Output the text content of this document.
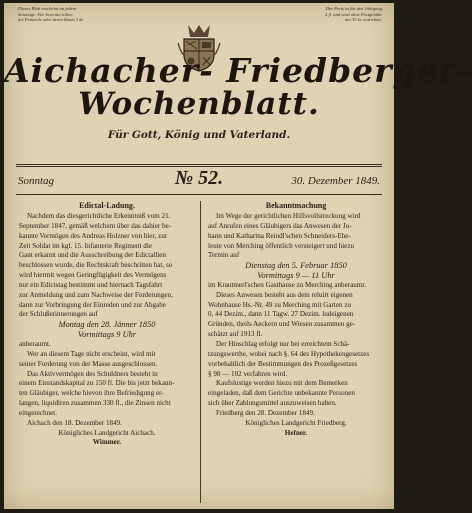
Dieses Blatt erscheint an jedem
Sonntage. Für Inserate sollen
die Petitzeile oder deren Raum 3 kr.
Der Preis ist für den Jahrgang
2 fl. und wird ohne Postgebühr
mit 30 kr. entrichtet.
Aichacher- Friedberger-
Wochenblatt.
Für Gott, König und Vaterland.
Sonntag	№ 52.	30. Dezember 1849.
Edictal-Ladung.
Nachdem das diesgerichtliche Erkenntniß vom 21.
September 1847, gemäß welchem über das dahier be-
kannte Vermögen des Andreas Holzner von hier, zur
Zeit Soldat im kgl. 15. Infanterie Regiment die
Gant erkannt und die Ausschreibung der Edictallien
beschlossen wurde, die Rechtskraft beschritten hat, so
wird hiermit wegen Geringfügigkeit des Vermögens
nur ein Edictstag bestimmt und hiernach Tagsfahrt
zur Anmeldung und zum Nachweise der Forderungen,
dann zur Vorbringung der Einreden und zur Abgabe
der Schlußerinnerungen auf
Montag den 28. Jänner 1850
Vormittags 9 Uhr
anberaumt.
Wer an diesem Tage nicht erscheint, wird mit
seiner Forderung von der Masse ausgeschlossen.
Das Aktivvermögen des Schuldners besteht in
einem Einstandskapital zu 150 fl. Die bis jetzt bekann-
ten Gläubiger, welche hievon ihre Befriedigung er-
langen, liquidiren zusammen 330 fl., die Zinsen nicht
eingerechnet.
Aichach den 18. Dezember 1849.
Königliches Landgericht Aichach.
Wimmer.
Bekanntmachung
Im Wege der gerichtlichen Hilfsvollstreckung wird
auf Anrufen eines Gläubigers das Anwesen der Jo-
hann und Katharina Reindl'schen Schneiders-Ehe-
leute von Merching öffentlich versteigert und hiezu
Termin auf
Dienstag den 5. Februar 1850
Vormittags 9 — 11 Uhr
im Krautmerl'schen Gasthause zu Merching anberaumt.
Dieses Anwesen besteht aus dem reluirt eigenen
Wohnhause Hs.-Nr. 49 zu Merching mit Garten zu
0, 44 Dezim., dann 11 Tagw. 27 Dezim. ludeigenen
Gründen, theils Aeckern und Wiesen zusammen ge-
schätzt auf 1913 fl.
Der Hinschlag erfolgt nur bei erreichtem Schä-
tzungswerthe, wobei nach §. 64 des Hypothekengesetzes
vorbehaltlich der Bestimmungen des Prozeßgesetzes
§ 98 — 102 verfahren wird.
Kaufslustige werden hiezu mit dem Bemerken
eingeladen, daß dem Gerichte unbekannte Personen
sich über Zahlungsmittel auszuweisen haben.
Friedberg den 28. Dezember 1849.
Königliches Landgericht Friedberg.
Hefner.
